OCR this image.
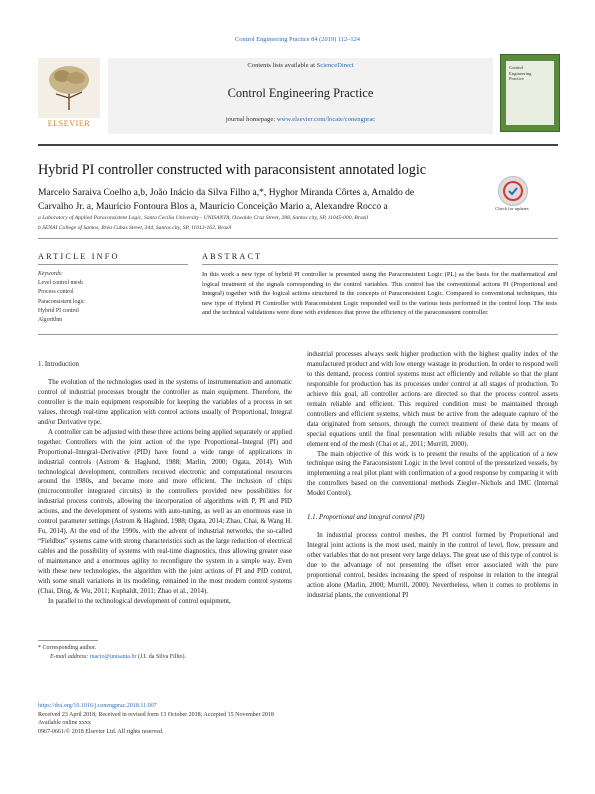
Control Engineering Practice 84 (2019) 112–124
ELSEVIER
Contents lists available at ScienceDirect
Control Engineering Practice
journal homepage: www.elsevier.com/locate/conengprac
Control Engineering Practice
Hybrid PI controller constructed with paraconsistent annotated logic
Check for updates
Marcelo Saraiva Coelho a,b, João Inácio da Silva Filho a,*, Hyghor Miranda Côrtes a, Arnaldo de
Carvalho Jr. a, Maurício Fontoura Blos a, Mauricio Conceição Mario a, Alexandre Rocco a
a Laboratory of Applied Paraconsistent Logic, Santa Cecília University - UNISANTA, Oswaldo Cruz Street, 288, Santos city, SP, 11045-000, Brazil
b SENAI College of Santos, Bréa Cubas Street, 344, Santos city, SP, 11013-162, Brazil
ARTICLE INFO	ABSTRACT
Keywords:
Level control mesh
Process control
Paraconsistent logic
Hybrid PI control
Algorithm
In this work a new type of hybrid PI controller is presented using the Paraconsistent Logic (PL) as the basis for the mathematical and logical treatment of the signals corresponding to the control variables. This control has the conventional actions PI (Proportional and Integral) together with the logical actions structured in the concepts of Paraconsistent Logic. Compared to conventional techniques, this new type of Hybrid PI Controller with Paraconsistent Logic responded well to the various tests performed in the control loop. The tests and the technical validations were done with evidences that prove the efficiency of the paraconsistent controller.

1. Introduction

The evolution of the technologies used in the systems of instrumentation and automatic control of industrial processes brought the controller as main equipment. Therefore, the controller is the main equipment responsible for keeping the variables of a process in set values, through real-time application with control actions usually of Proportional, Integral and/or Derivative type.

A controller can be adjusted with these three actions being applied separately or applied together. Controllers with the joint action of the type Proportional–Integral (PI) and Proportional–Integral–Derivative (PID) have found a wide range of applications in industrial controls (Astrom & Haglund, 1988; Marlin, 2000; Ogata, 2014). With technological development, controllers received electronic and computational resources around the 1980s, and became more and more efficient. The inclusion of chips (microcontroller integrated circuits) in the controllers provided new possibilities for industrial process controls, allowing the incorporation of algorithms with P, PI and PID actions, and the development of systems with auto-tuning, as well as an enormous ease in control parameter settings (Astrom & Haglund, 1988; Ogata, 2014; Zhao, Chai, & Wang H. Fu, 2014). At the end of the 1990s, with the advent of industrial networks, the so-called “Fieldbus” systems came with strong characteristics such as the large reduction of electrical cables and the possibility of systems with real-time diagnostics, thus allowing greater ease of maintenance and a enormous agility to reconfigure the system in a simple way. Even with these new technologies, the algorithm with the joint actions of PI and PID control, with some small variations in its modeling, remained in the most modern control systems (Chai, Ding, & Wu, 2011; Kuphaldt, 2011; Zhao et al., 2014).

In parallel to the technological development of control equipment,

industrial processes always seek higher production with the highest quality index of the manufactured product and with low energy wastage in production. In order to respond well to this demand, process control systems must act efficiently and reliable so that the plant responsible for production has its processes under control at all stages of production. To achieve this goal, all controller actions are directed so that the process control assets remain reliable and efficient. This required condition must be maintained through controllers and efficient systems, which must be active from the adequate capture of the data originated from sensors, through the correct treatment of these data by means of special equations until the final presentation with reliable results that will act on the element end of the mesh (Chai et al., 2011; Murrill, 2000).

The main objective of this work is to present the results of the application of a new technique using the Paraconsistent Logic in the level control of the pressurized vessels, by implementing a real pilot plant with confirmation of a good response by comparing it with the controllers based on the conventional methods Ziegler–Nichols and IMC (Internal Model Control).

1.1. Proportional and integral control (PI)

In industrial process control meshes, the PI control formed by Proportional and Integral joint actions is the most used, mainly in the control of level, flow, pressure and other variables that do not present very large delays. The great use of this type of control is due to the advantage of not presenting the offset error associated with the pure proportional control, besides increasing the speed of response in relation to the integral action alone (Marlin, 2000; Murrill, 2000). Nevertheless, when it comes to problems in industrial plants, the conventional PI

* Corresponding author.
E-mail address: inacio@unisanta.br (J.I. da Silva Filho).
https://doi.org/10.1016/j.conengprac.2018.11.007
Received 23 April 2018; Received in revised form 13 October 2018; Accepted 15 November 2018
Available online xxxx
0967-0661/© 2018 Elsevier Ltd. All rights reserved.
